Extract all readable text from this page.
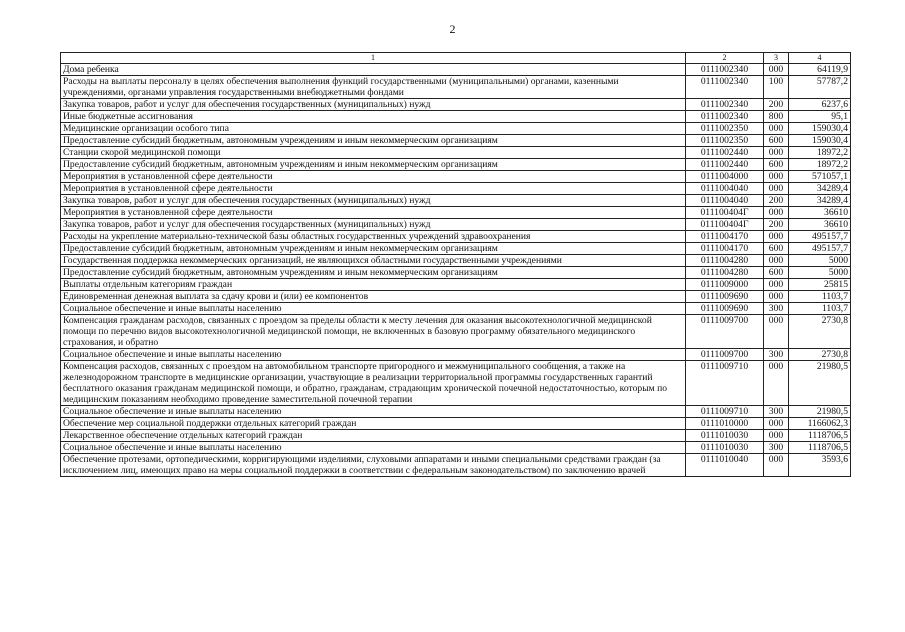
2
1	2	3	4
Дома ребенка	0111002340	000	64119,9
Расходы на выплаты персоналу в целях обеспечения выполнения функций государственными (муниципальными) органами, казенными учреждениями, органами управления государственными внебюджетными фондами	0111002340	100	57787,2
Закупка товаров, работ и услуг для обеспечения государственных (муниципальных) нужд	0111002340	200	6237,6
Иные бюджетные ассигнования	0111002340	800	95,1
Медицинские организации особого типа	0111002350	000	159030,4
Предоставление субсидий бюджетным, автономным учреждениям и иным некоммерческим организациям	0111002350	600	159030,4
Станции скорой медицинской помощи	0111002440	000	18972,2
Предоставление субсидий бюджетным, автономным учреждениям и иным некоммерческим организациям	0111002440	600	18972,2
Мероприятия в установленной сфере деятельности	0111004000	000	571057,1
Мероприятия в установленной сфере деятельности	0111004040	000	34289,4
Закупка товаров, работ и услуг для обеспечения государственных (муниципальных) нужд	0111004040	200	34289,4
Мероприятия в установленной сфере деятельности	011100404Г	000	36610
Закупка товаров, работ и услуг для обеспечения государственных (муниципальных) нужд	011100404Г	200	36610
Расходы на укрепление материально-технической базы областных государственных учреждений здравоохранения	0111004170	000	495157,7
Предоставление субсидий бюджетным, автономным учреждениям и иным некоммерческим организациям	0111004170	600	495157,7
Государственная поддержка некоммерческих организаций, не являющихся областными государственными учреждениями	0111004280	000	5000
Предоставление субсидий бюджетным, автономным учреждениям и иным некоммерческим организациям	0111004280	600	5000
Выплаты отдельным категориям граждан	0111009000	000	25815
Единовременная денежная выплата за сдачу крови и (или) ее компонентов	0111009690	000	1103,7
Социальное обеспечение и иные выплаты населению	0111009690	300	1103,7
Компенсация гражданам расходов, связанных с проездом за пределы области к месту лечения для оказания высокотехнологичной медицинской помощи по перечню видов высокотехнологичной медицинской помощи, не включенных в базовую программу обязательного медицинского страхования, и обратно	0111009700	000	2730,8
Социальное обеспечение и иные выплаты населению	0111009700	300	2730,8
Компенсация расходов, связанных с проездом на автомобильном транспорте пригородного и межмуниципального сообщения, а также на железнодорожном транспорте в медицинские организации, участвующие в реализации территориальной программы государственных гарантий бесплатного оказания гражданам медицинской помощи, и обратно, гражданам, страдающим хронической почечной недостаточностью, которым по медицинским показаниям необходимо проведение заместительной почечной терапии	0111009710	000	21980,5
Социальное обеспечение и иные выплаты населению	0111009710	300	21980,5
Обеспечение мер социальной поддержки отдельных категорий граждан	0111010000	000	1166062,3
Лекарственное обеспечение отдельных категорий граждан	0111010030	000	1118706,5
Социальное обеспечение и иные выплаты населению	0111010030	300	1118706,5
Обеспечение протезами, ортопедическими, корригирующими изделиями, слуховыми аппаратами и иными специальными средствами граждан (за исключением лиц, имеющих право на меры социальной поддержки в соответствии с федеральным законодательством) по заключению врачей	0111010040	000	3593,6
